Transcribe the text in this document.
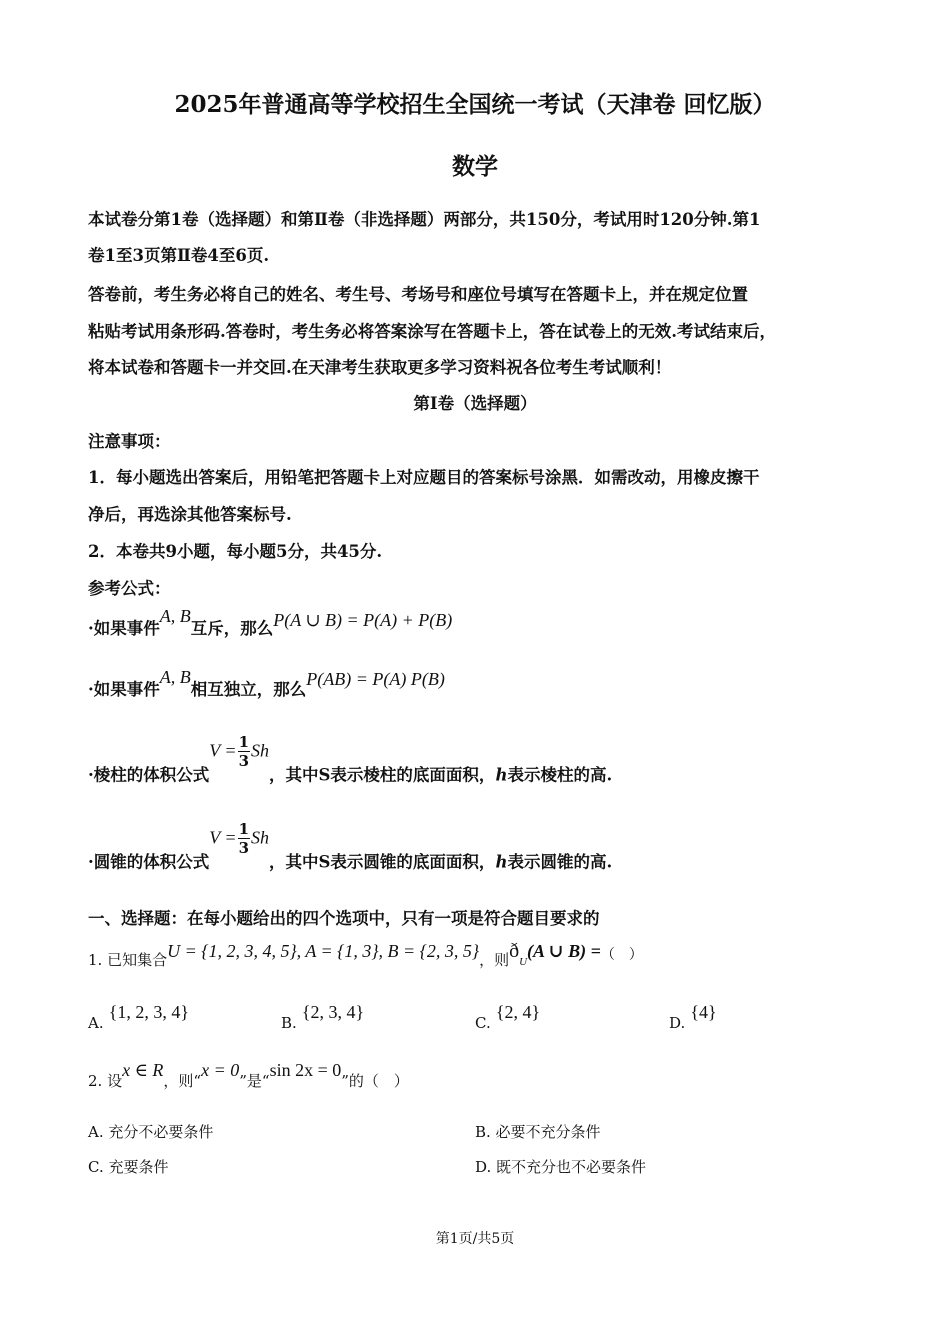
2025年普通高等学校招生全国统一考试（天津卷 回忆版）
数学
本试卷分第1卷（选择题）和第Ⅱ卷（非选择题）两部分，共150分，考试用时120分钟.第1
卷1至3页第Ⅱ卷4至6页.
答卷前，考生务必将自己的姓名、考生号、考场号和座位号填写在答题卡上，并在规定位置
粘贴考试用条形码.答卷时，考生务必将答案涂写在答题卡上，答在试卷上的无效.考试结束后，
将本试卷和答题卡一并交回.在天津考生获取更多学习资料祝各位考生考试顺利！
第I卷（选择题）
注意事项：
1．每小题选出答案后，用铅笔把答题卡上对应题目的答案标号涂黑．如需改动，用橡皮擦干
净后，再选涂其他答案标号.
2．本卷共9小题，每小题5分，共45分.
参考公式：
·如果事件A, B互斥，那么P(A ∪ B) = P(A) + P(B)
·如果事件A, B相互独立，那么P(AB) = P(A) P(B)
·棱柱的体积公式$V = \frac{1}{3}$ Sh，其中S表示棱柱的底面面积，h表示棱柱的高.
·圆锥的体积公式$V = \frac{1}{3}$ Sh，其中S表示圆锥的底面面积，h表示圆锥的高.
一、选择题：在每小题给出的四个选项中，只有一项是符合题目要求的
1. 已知集合U = {1, 2, 3, 4, 5}, A = {1, 3}, B = {2, 3, 5}，则$ð_U(A$ ∪ B) =（　）
A. {1, 2, 3, 4}
B. {2, 3, 4}
C. {2, 4}
D. {4}
2. 设x ∈ R，则“x = 0”是“sin 2x = 0”的（　）
A. 充分不必要条件	B. 必要不充分条件
C. 充要条件	D. 既不充分也不必要条件
第1页/共5页
